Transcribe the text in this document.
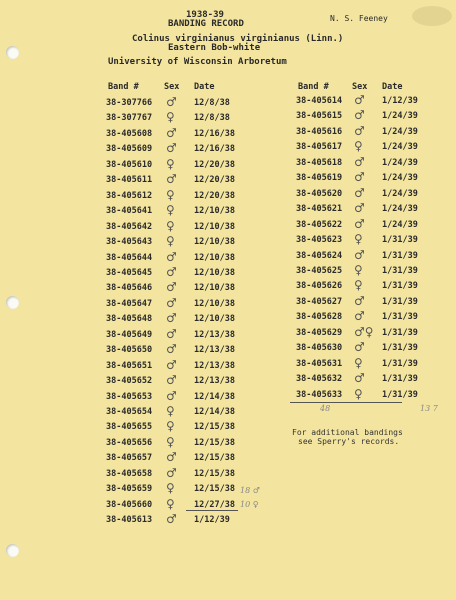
1938-39
BANDING RECORD
N. S. Feeney
Colinus virginianus virginianus (Linn.)
Eastern Bob-white
University of Wisconsin Arboretum
Band #	Sex Date	Band #	Sex Date
38-307766 ♂ 12/8/38
38-307767 ♀ 12/8/38
38-405608 ♂ 12/16/38
38-405609 ♂ 12/16/38
38-405610 ♀ 12/20/38
38-405611 ♂ 12/20/38
38-405612 ♀ 12/20/38
38-405641 ♀ 12/10/38
38-405642 ♀ 12/10/38
38-405643 ♀ 12/10/38
38-405644 ♂ 12/10/38
38-405645 ♂ 12/10/38
38-405646 ♂ 12/10/38
38-405647 ♂ 12/10/38
38-405648 ♂ 12/10/38
38-405649 ♂ 12/13/38
38-405650 ♂ 12/13/38
38-405651 ♂ 12/13/38
38-405652 ♂ 12/13/38
38-405653 ♂ 12/14/38
38-405654 ♀ 12/14/38
38-405655 ♀ 12/15/38
38-405656 ♀ 12/15/38
38-405657 ♂ 12/15/38
38-405658 ♂ 12/15/38
38-405659 ♀ 12/15/38
38-405660 ♀ 12/27/38
38-405613 ♂ 1/12/39
38-405614 ♂ 1/12/39
38-405615 ♂ 1/24/39
38-405616 ♂ 1/24/39
38-405617 ♀ 1/24/39
38-405618 ♂ 1/24/39
38-405619 ♂ 1/24/39
38-405620 ♂ 1/24/39
38-405621 ♂ 1/24/39
38-405622 ♂ 1/24/39
38-405623 ♀ 1/31/39
38-405624 ♂ 1/31/39
38-405625 ♀ 1/31/39
38-405626 ♀ 1/31/39
38-405627 ♂ 1/31/39
38-405628 ♂ 1/31/39
38-405629 ♂♀ 1/31/39
38-405630 ♂ 1/31/39
38-405631 ♀ 1/31/39
38-405632 ♂ 1/31/39
38-405633 ♀ 1/31/39
18 ♂
10 ♀
48	13 7
For additional bandings
see Sperry's records.
